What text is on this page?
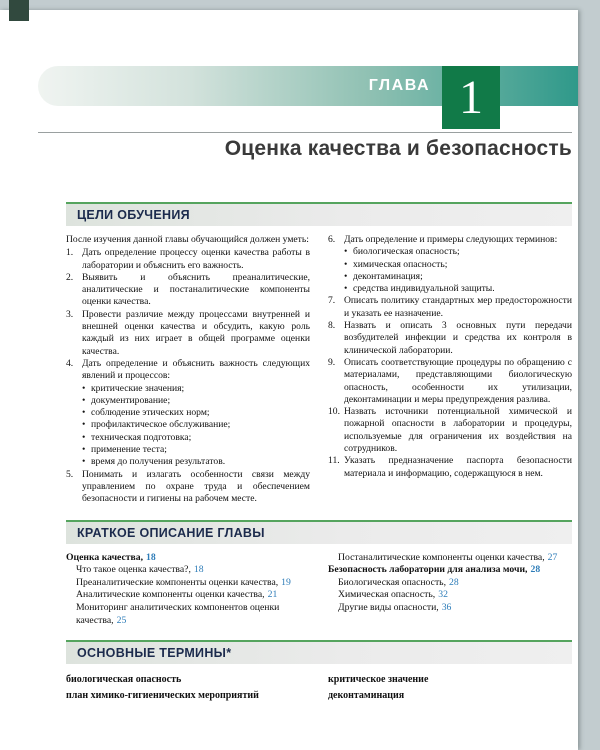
ГЛАВА 1
Оценка качества и безопасность
ЦЕЛИ ОБУЧЕНИЯ

После изучения данной главы обучающийся должен уметь:

1. Дать определение процессу оценки качества работы в лаборатории и объяснить его важность.
2. Выявить и объяснить преаналитические, аналитические и постаналитические компоненты оценки качества.
3. Провести различие между процессами внутренней и внешней оценки качества и обсудить, какую роль каждый из них играет в общей программе оценки качества.
4. Дать определение и объяснить важность следующих явлений и процессов:
• критические значения;
• документирование;
• соблюдение этических норм;
• профилактическое обслуживание;
• техническая подготовка;
• применение теста;
• время до получения результатов.
5. Понимать и излагать особенности связи между управлением по охране труда и обеспечением безопасности и гигиены на рабочем месте.
6. Дать определение и примеры следующих терминов:
• биологическая опасность;
• химическая опасность;
• деконтаминация;
• средства индивидуальной защиты.
7. Описать политику стандартных мер предосторожности и указать ее назначение.
8. Назвать и описать 3 основных пути передачи возбудителей инфекции и средства их контроля в клинической лаборатории.
9. Описать соответствующие процедуры по обращению с материалами, представляющими биологическую опасность, особенности их утилизации, деконтаминации и меры предупреждения разлива.
10. Назвать источники потенциальной химической и пожарной опасности в лаборатории и процедуры, используемые для ограничения их воздействия на сотрудников.
11. Указать предназначение паспорта безопасности материала и информацию, содержащуюся в нем.
КРАТКОЕ ОПИСАНИЕ ГЛАВЫ
Оценка качества, 18
Что такое оценка качества?, 18
Преаналитические компоненты оценки качества, 19
Аналитические компоненты оценки качества, 21
Мониторинг аналитических компонентов оценки качества, 25
Постаналитические компоненты оценки качества, 27
Безопасность лаборатории для анализа мочи, 28
Биологическая опасность, 28
Химическая опасность, 32
Другие виды опасности, 36
ОСНОВНЫЕ ТЕРМИНЫ*
биологическая опасность
план химико-гигиенических мероприятий
критическое значение
деконтаминация
